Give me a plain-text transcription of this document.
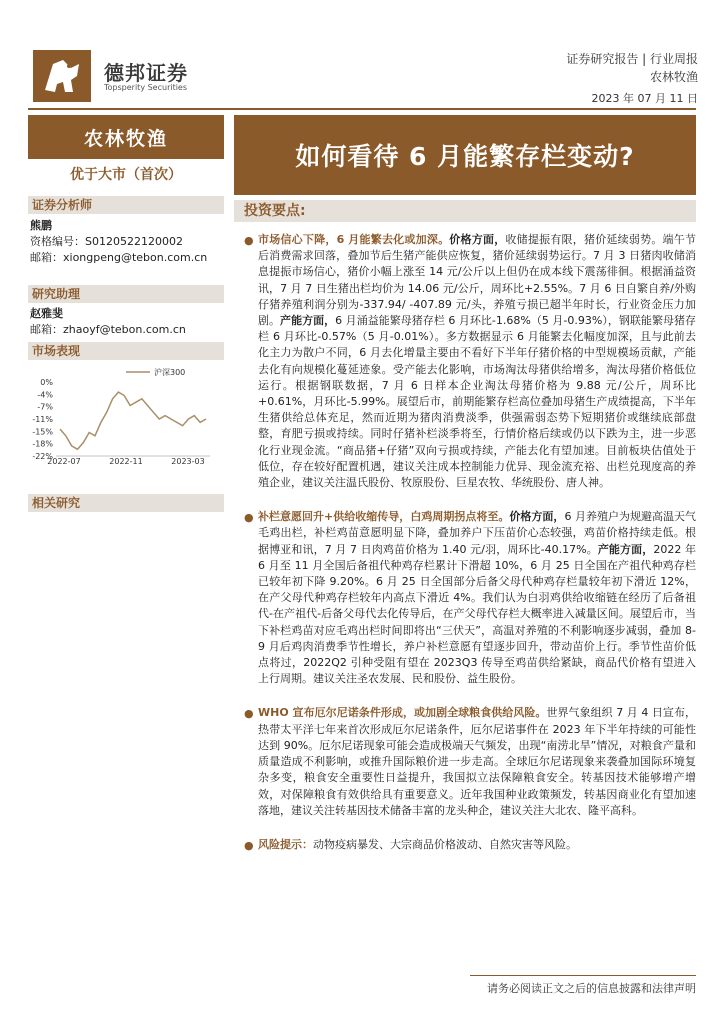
德邦证券
Topsperity Securities
证券研究报告 | 行业周报
农林牧渔
2023 年 07 月 11 日
农林牧渔
优于大市（首次）
如何看待 6 月能繁存栏变动?
投资要点:
证券分析师
熊鹏
资格编号：S0120522120002
邮箱：xiongpeng@tebon.com.cn
研究助理
赵雅斐
邮箱：zhaoyf@tebon.com.cn
市场表现
0%
-4%
-7%
-11%
-15%
-18%
-22%
2022-07	2022-11	2023-03
沪深300
相关研究
● 市场信心下降，6 月能繁去化或加深。价格方面，收储提振有限，猪价延续弱势。端午节后消费需求回落，叠加节后生猪产能供应恢复，猪价延续弱势运行。7 月 3 日猪肉收储消息提振市场信心，猪价小幅上涨至 14 元/公斤以上但仍在成本线下震荡徘徊。根据涌益资讯，7 月 7 日生猪出栏均价为 14.06 元/公斤，周环比+2.55%。7 月 6 日自繁自养/外购仔猪养殖利润分别为-337.94/ -407.89 元/头，养殖亏损已超半年时长，行业资金压力加剧。产能方面，6 月涌益能繁母猪存栏 6 月环比-1.68%（5 月-0.93%），钢联能繁母猪存栏 6 月环比-0.57%（5 月-0.01%）。多方数据显示 6 月能繁去化幅度加深，且与此前去化主力为散户不同，6 月去化增量主要由不看好下半年仔猪价格的中型规模场贡献，产能去化有向规模化蔓延迹象。受产能去化影响，市场淘汰母猪供给增多，淘汰母猪价格低位运行。根据钢联数据，7 月 6 日样本企业淘汰母猪价格为 9.88 元/公斤，周环比+0.61%，月环比-5.99%。展望后市，前期能繁存栏高位叠加母猪生产成绩提高，下半年生猪供给总体充足，然而近期为猪肉消费淡季，供强需弱态势下短期猪价或继续底部盘整，育肥亏损或持续。同时仔猪补栏淡季将至，行情价格后续或仍以下跌为主，进一步恶化行业现金流。“商品猪+仔猪”双向亏损或持续，产能去化有望加速。目前板块估值处于低位，存在较好配置机遇，建议关注成本控制能力优异、现金流充裕、出栏兑现度高的养殖企业，建议关注温氏股份、牧原股份、巨星农牧、华统股份、唐人神。
● 补栏意愿回升+供给收缩传导，白鸡周期拐点将至。价格方面，6 月养殖户为规避高温天气毛鸡出栏，补栏鸡苗意愿明显下降，叠加养户下压苗价心态较强，鸡苗价格持续走低。根据博亚和讯，7 月 7 日肉鸡苗价格为 1.40 元/羽，周环比-40.17%。产能方面，2022 年 6 月至 11 月全国后备祖代种鸡存栏累计下滑超 10%，6 月 25 日全国在产祖代种鸡存栏已较年初下降 9.20%。6 月 25 日全国部分后备父母代种鸡存栏量较年初下滑近 12%，在产父母代种鸡存栏较年内高点下滑近 4%。我们认为白羽鸡供给收缩链在经历了后备祖代-在产祖代-后备父母代去化传导后，在产父母代存栏大概率进入减量区间。展望后市，当下补栏鸡苗对应毛鸡出栏时间即将出“三伏天”，高温对养殖的不利影响逐步减弱，叠加 8-9 月后鸡肉消费季节性增长，养户补栏意愿有望逐步回升，带动苗价上行。季节性苗价低点将过，2022Q2 引种受阻有望在 2023Q3 传导至鸡苗供给紧缺，商品代价格有望进入上行周期。建议关注圣农发展、民和股份、益生股份。
● WHO 宣布厄尔尼诺条件形成，或加剧全球粮食供给风险。世界气象组织 7 月 4 日宣布，热带太平洋七年来首次形成厄尔尼诺条件，厄尔尼诺事件在 2023 年下半年持续的可能性达到 90%。厄尔尼诺现象可能会造成极端天气频发，出现“南涝北旱”情况，对粮食产量和质量造成不利影响，或推升国际粮价进一步走高。全球厄尔尼诺现象来袭叠加国际环境复杂多变，粮食安全重要性日益提升，我国拟立法保障粮食安全。转基因技术能够增产增效，对保障粮食有效供给具有重要意义。近年我国种业政策频发，转基因商业化有望加速落地，建议关注转基因技术储备丰富的龙头种企，建议关注大北农、隆平高科。
● 风险提示：动物疫病暴发、大宗商品价格波动、自然灾害等风险。
请务必阅读正文之后的信息披露和法律声明
